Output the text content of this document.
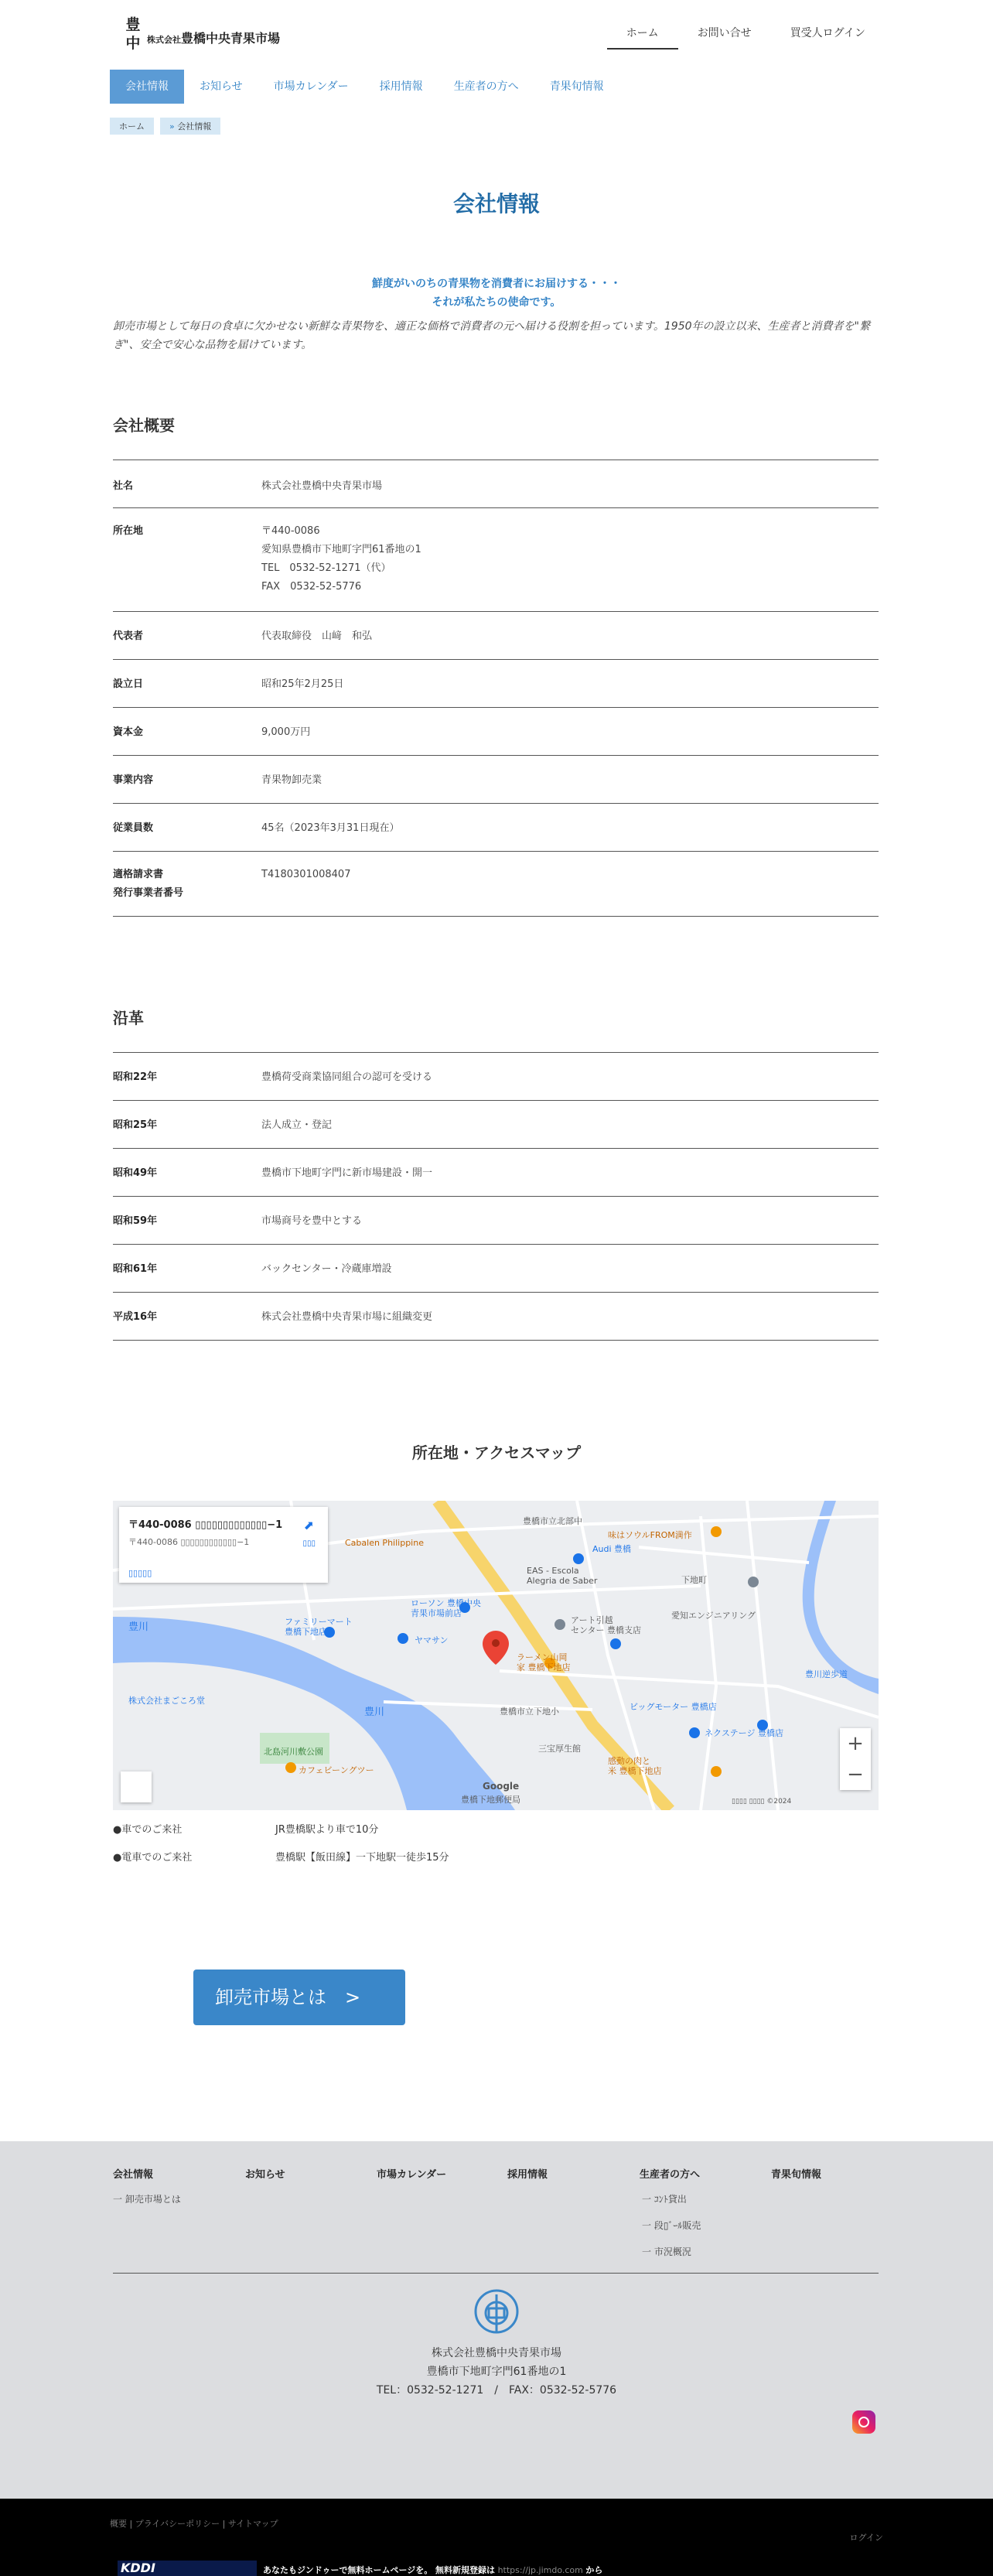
豊
中 株式会社豊橋中央青果市場	ホーム	お問い合せ	買受人ログイン
会社情報	お知らせ	市場カレンダー	採用情報	生産者の方へ	青果旬情報
ホーム	» 会社情報
会社情報
鮮度がいのちの青果物を消費者にお届けする・・・
それが私たちの使命です。

卸売市場として毎日の食卓に欠かせない新鮮な青果物を、適正な価格で消費者の元へ届ける役割を担っています。1950年の設立以来、生産者と消費者を"繋ぎ"、安全で安心な品物を届けています。

会社概要
社名	株式会社豊橋中央青果市場
所在地	〒440-0086
愛知県豊橋市下地町字門61番地の1
TEL　0532-52-1271（代）
FAX　0532-52-5776
代表者	代表取締役　山﨑　和弘
設立日	昭和25年2月25日
資本金	9,000万円
事業内容	青果物卸売業
従業員数	45名（2023年3月31日現在）
適格請求書
発行事業者番号	T4180301008407
沿革
昭和22年	豊橋荷受商業協同組合の認可を受ける
昭和25年	法人成立・登記
昭和49年	豊橋市下地町字門に新市場建設・開一
昭和59年	市場商号を豊中とする
昭和61年	バックセンター・冷蔵庫増設
平成16年	株式会社豊橋中央青果市場に組織変更
所在地・アクセスマップ
〒440-0086 ▯▯▯▯▯▯▯▯▯▯▯▯▯−1
〒440-0086 ▯▯▯▯▯▯▯▯▯▯▯▯−1
▯▯▯▯▯
⬈
▯▯▯	Cabalen Philippine
豊橋市立北部中
味はソウルFROM満作
Audi 豊橋
EAS - Escola
Alegria de Saber	下地町
ファミリーマート
豊橋下地店
ローソン 豊橋中央
青果市場前店
ヤマサン
アート引越
センター 豊橋支店
ラーメン山岡
家 豊橋下地店
愛知エンジニアリング
ビッグモーター 豊橋店
ネクステージ 豊橋店
豊川逆歩道
豊橋市立下地小
三宝厚生館
感動の肉と
米 豊橋下地店
豊橋下地郵便局
豊川
豊川
株式会社まごころ堂
北島河川敷公園
カフェビーングツー
Google
▯▯▯▯ ▯▯▯▯ ©2024
+
−
●車でのご来社	JR豊橋駅より車で10分
●電車でのご来社	豊橋駅【飯田線】一下地駅一徒歩15分
卸売市場とは　>
会社情報
一 卸売市場とは
お知らせ	市場カレンダー	採用情報	生産者の方へ
一 ｺﾝﾄ貸出
一 段▯ﾞｰﾙ販売
一 市況概況
青果旬情報
株式会社豊橋中央青果市場
豊橋市下地町字門61番地の1
TEL：0532-52-1271　/　FAX：0532-52-5776
概要 | プライバシーポリシー | サイトマップ
ログイン
KDDI	あなたもジンドゥーで無料ホームページを。 無料新規登録は https://jp.jimdo.com から
